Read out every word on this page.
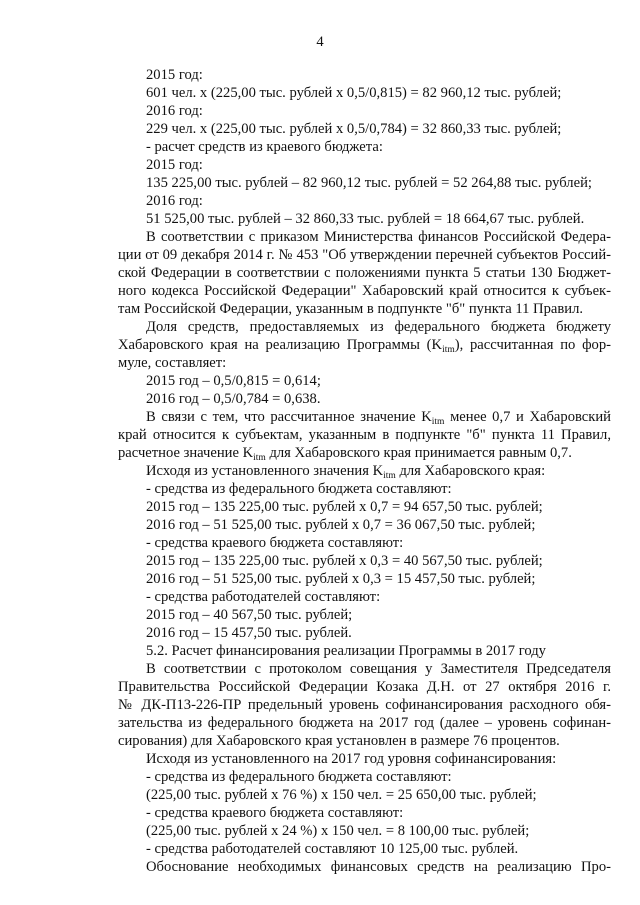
4
2015 год:
601 чел. x (225,00 тыс. рублей x 0,5/0,815) = 82 960,12 тыс. рублей;
2016 год:
229 чел. x (225,00 тыс. рублей x 0,5/0,784) = 32 860,33 тыс. рублей;
- расчет средств из краевого бюджета:
2015 год:
135 225,00 тыс. рублей – 82 960,12 тыс. рублей = 52 264,88 тыс. рублей;
2016 год:
51 525,00 тыс. рублей – 32 860,33 тыс. рублей = 18 664,67 тыс. рублей.
В соответствии с приказом Министерства финансов Российской Федера-
ции от 09 декабря 2014 г. № 453 "Об утверждении перечней субъектов Россий-
ской Федерации в соответствии с положениями пункта 5 статьи 130 Бюджет-
ного кодекса Российской Федерации" Хабаровский край относится к субъек-
там Российской Федерации, указанным в подпункте "б" пункта 11 Правил.
Доля средств, предоставляемых из федерального бюджета бюджету
Хабаровского края на реализацию Программы $(K_{itm})$, рассчитанная по фор-
муле, составляет:
2015 год – 0,5/0,815 = 0,614;
2016 год – 0,5/0,784 = 0,638.
В связи с тем, что рассчитанное значение $K_{itm}$ менее 0,7 и Хабаровский
край относится к субъектам, указанным в подпункте "б" пункта 11 Правил,
расчетное значение $K_{itm}$ для Хабаровского края принимается равным 0,7.
Исходя из установленного значения $K_{itm}$ для Хабаровского края:
- средства из федерального бюджета составляют:
2015 год – 135 225,00 тыс. рублей x 0,7 = 94 657,50 тыс. рублей;
2016 год – 51 525,00 тыс. рублей x 0,7 = 36 067,50 тыс. рублей;
- средства краевого бюджета составляют:
2015 год – 135 225,00 тыс. рублей x 0,3 = 40 567,50 тыс. рублей;
2016 год – 51 525,00 тыс. рублей x 0,3 = 15 457,50 тыс. рублей;
- средства работодателей составляют:
2015 год – 40 567,50 тыс. рублей;
2016 год – 15 457,50 тыс. рублей.
5.2. Расчет финансирования реализации Программы в 2017 году
В соответствии с протоколом совещания у Заместителя Председателя
Правительства Российской Федерации Козака Д.Н. от 27 октября 2016 г.
№ ДК-П13-226-ПР предельный уровень софинансирования расходного обя-
зательства из федерального бюджета на 2017 год (далее – уровень софинан-
сирования) для Хабаровского края установлен в размере 76 процентов.
Исходя из установленного на 2017 год уровня софинансирования:
- средства из федерального бюджета составляют:
(225,00 тыс. рублей x 76 %) x 150 чел. = 25 650,00 тыс. рублей;
- средства краевого бюджета составляют:
(225,00 тыс. рублей x 24 %) x 150 чел. = 8 100,00 тыс. рублей;
- средства работодателей составляют 10 125,00 тыс. рублей.
Обоснование необходимых финансовых средств на реализацию Про-
